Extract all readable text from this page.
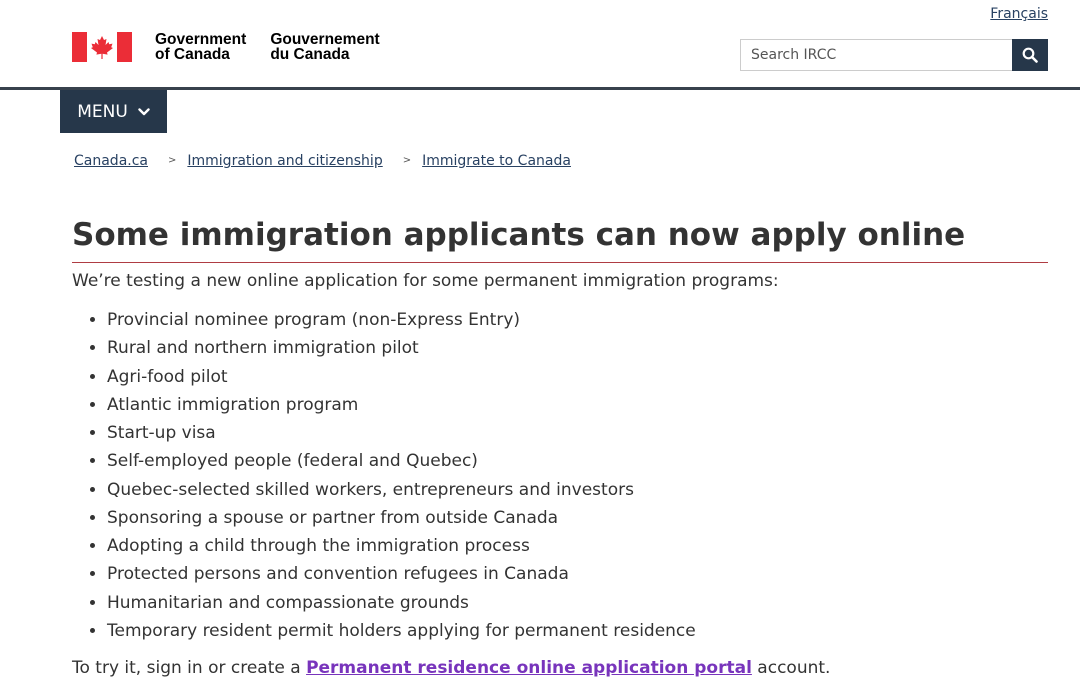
Français
Government
of Canada
Gouvernement
du Canada
Search IRCC
MENU
Canada.ca > Immigration and citizenship > Immigrate to Canada
Some immigration applicants can now apply online

We’re testing a new online application for some permanent immigration programs:

• Provincial nominee program (non-Express Entry)
• Rural and northern immigration pilot
• Agri-food pilot
• Atlantic immigration program
• Start-up visa
• Self-employed people (federal and Quebec)
• Quebec-selected skilled workers, entrepreneurs and investors
• Sponsoring a spouse or partner from outside Canada
• Adopting a child through the immigration process
• Protected persons and convention refugees in Canada
• Humanitarian and compassionate grounds
• Temporary resident permit holders applying for permanent residence

To try it, sign in or create a Permanent residence online application portal account.
